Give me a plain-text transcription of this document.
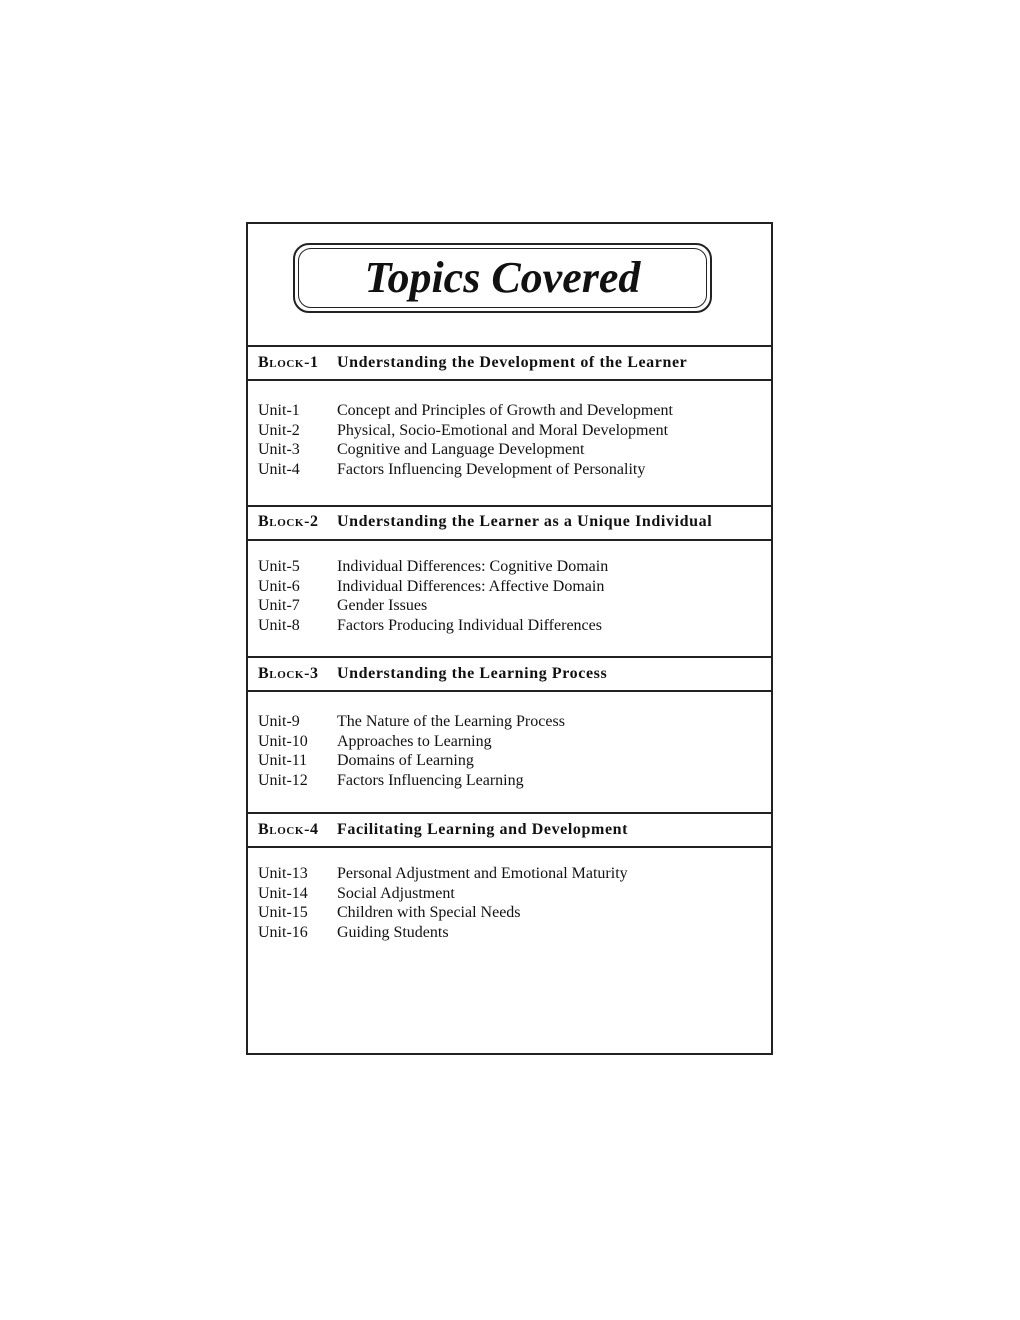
Topics Covered
Block-1 Understanding the Development of the Learner
Unit-1 Concept and Principles of Growth and Development
Unit-2 Physical, Socio-Emotional and Moral Development
Unit-3 Cognitive and Language Development
Unit-4 Factors Influencing Development of Personality
Block-2 Understanding the Learner as a Unique Individual
Unit-5 Individual Differences: Cognitive Domain
Unit-6 Individual Differences: Affective Domain
Unit-7 Gender Issues
Unit-8 Factors Producing Individual Differences
Block-3 Understanding the Learning Process
Unit-9 The Nature of the Learning Process
Unit-10 Approaches to Learning
Unit-11 Domains of Learning
Unit-12 Factors Influencing Learning
Block-4 Facilitating Learning and Development
Unit-13 Personal Adjustment and Emotional Maturity
Unit-14 Social Adjustment
Unit-15 Children with Special Needs
Unit-16 Guiding Students
